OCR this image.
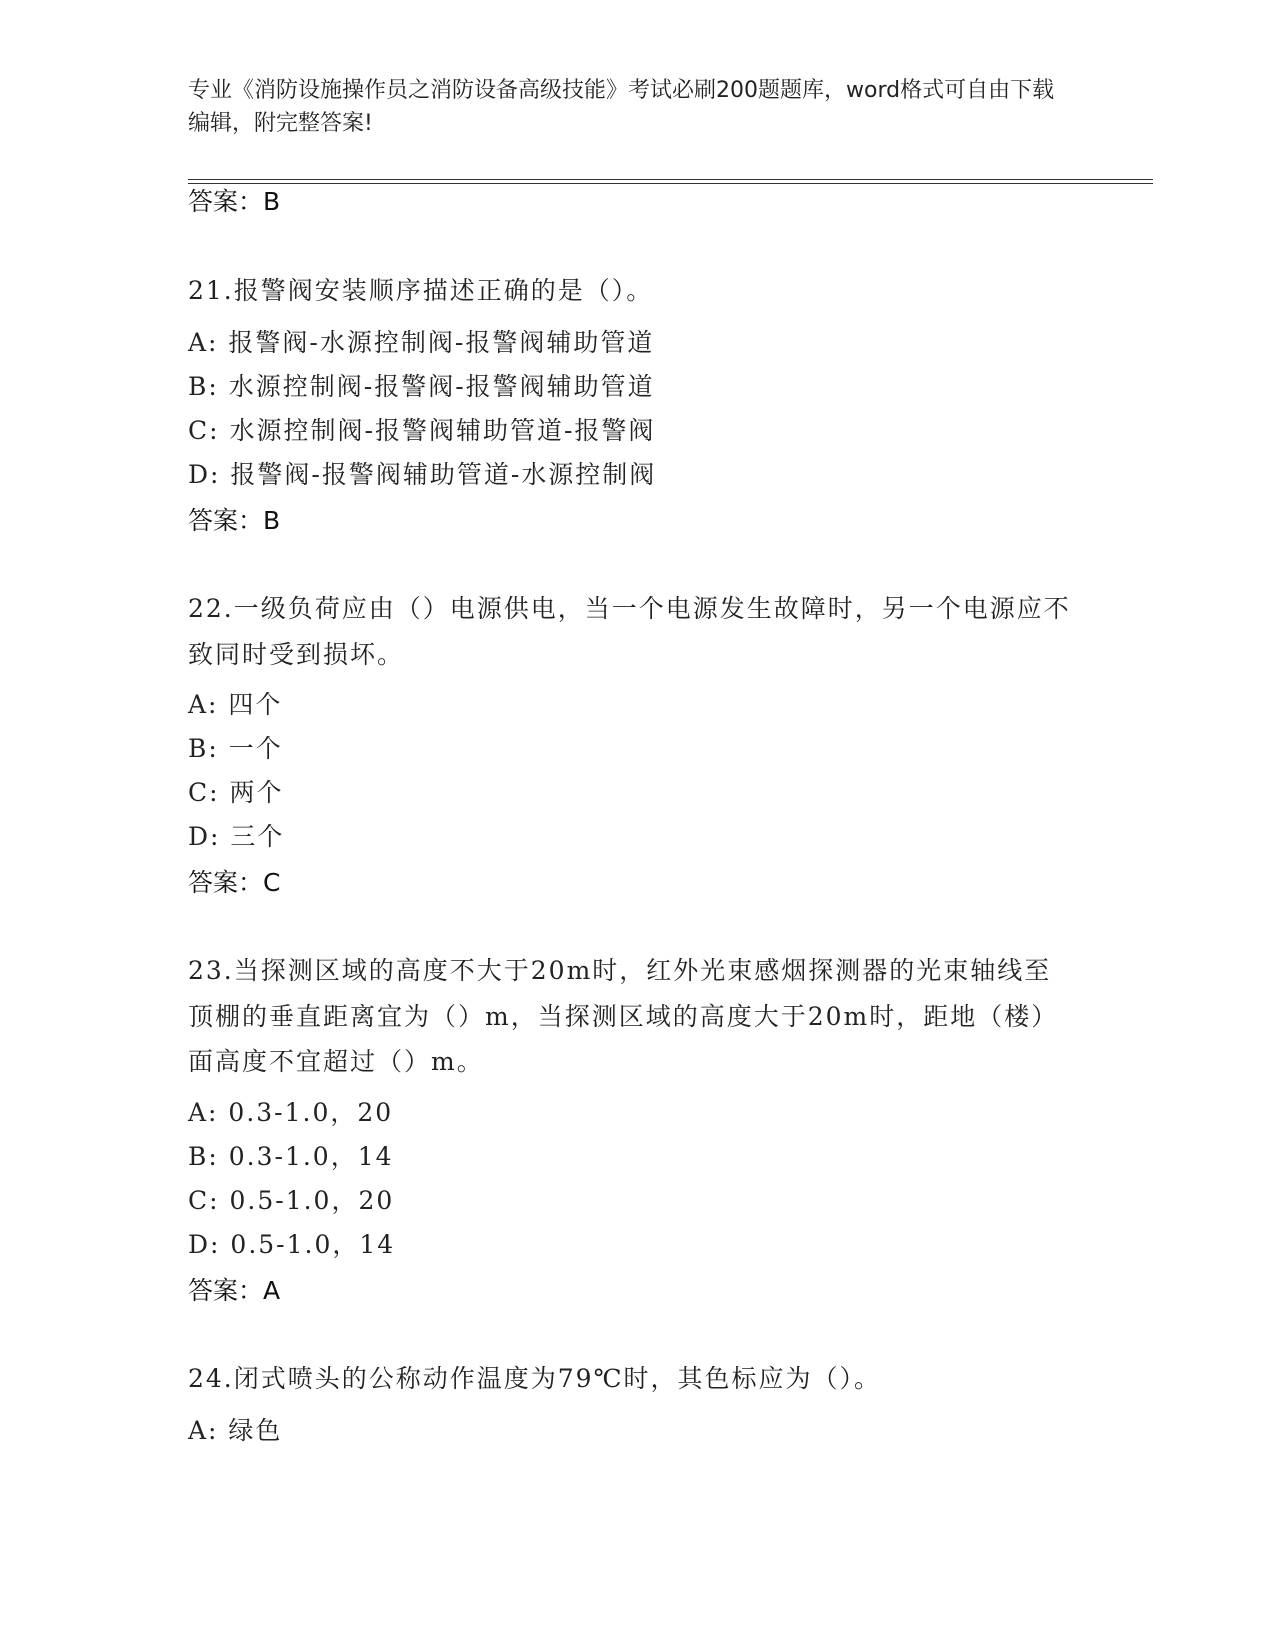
专业《消防设施操作员之消防设备高级技能》考试必刷200题题库，word格式可自由下载编辑，附完整答案!
答案：B
21.报警阀安装顺序描述正确的是（）。
A: 报警阀-水源控制阀-报警阀辅助管道
B: 水源控制阀-报警阀-报警阀辅助管道
C: 水源控制阀-报警阀辅助管道-报警阀
D: 报警阀-报警阀辅助管道-水源控制阀
答案：B
22.一级负荷应由（）电源供电，当一个电源发生故障时，另一个电源应不致同时受到损坏。
A: 四个
B: 一个
C: 两个
D: 三个
答案：C
23.当探测区域的高度不大于20m时，红外光束感烟探测器的光束轴线至顶棚的垂直距离宜为（）m，当探测区域的高度大于20m时，距地（楼）面高度不宜超过（）m。
A: 0.3-1.0，20
B: 0.3-1.0，14
C: 0.5-1.0，20
D: 0.5-1.0，14
答案：A
24.闭式喷头的公称动作温度为79℃时，其色标应为（）。
A: 绿色
